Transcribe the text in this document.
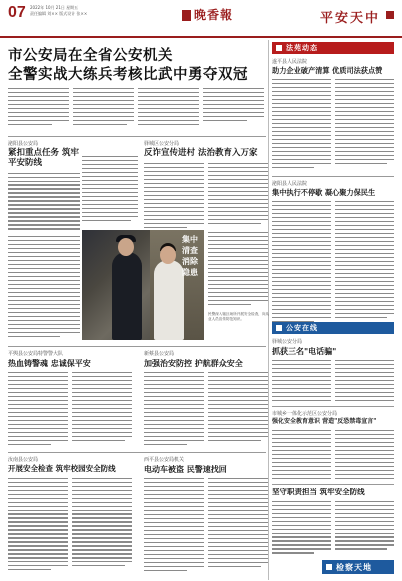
07 2022年 10月 21日 星期五
责任编辑 刘×× 版式设计 张××	晚香報	平安天中
市公安局在全省公安机关
全警实战大练兵考核比武中勇夺双冠
泌阳县公安局
紧扣重点任务 筑牢平安防线
驿城区公安分局
反诈宣传进村 法治教育入万家
集中清查 消除隐患
民警深入辖区场所开展安全检查，向从业人员宣传防范知识。
平舆县公安局特警警大队
热血铸警魂 忠诚保平安
新蔡县公安局
加强治安防控 护航群众安全
汝南县公安局
开展安全检查 筑牢校园安全防线
西平县公安局机关
电动车被盗 民警速找回
法苑动态
遂平县人民法院
助力企业破产清算 优质司法获点赞
泌阳县人民法院
集中执行不停歇 凝心聚力保民生
公安在线
驿城公安分局
抓获三名"电话骗"
市城乡一体化示范区公安分局
强化安全教育意识 营造"反恐禁毒宣言"
坚守职责担当 筑牢安全防线
检察天地
